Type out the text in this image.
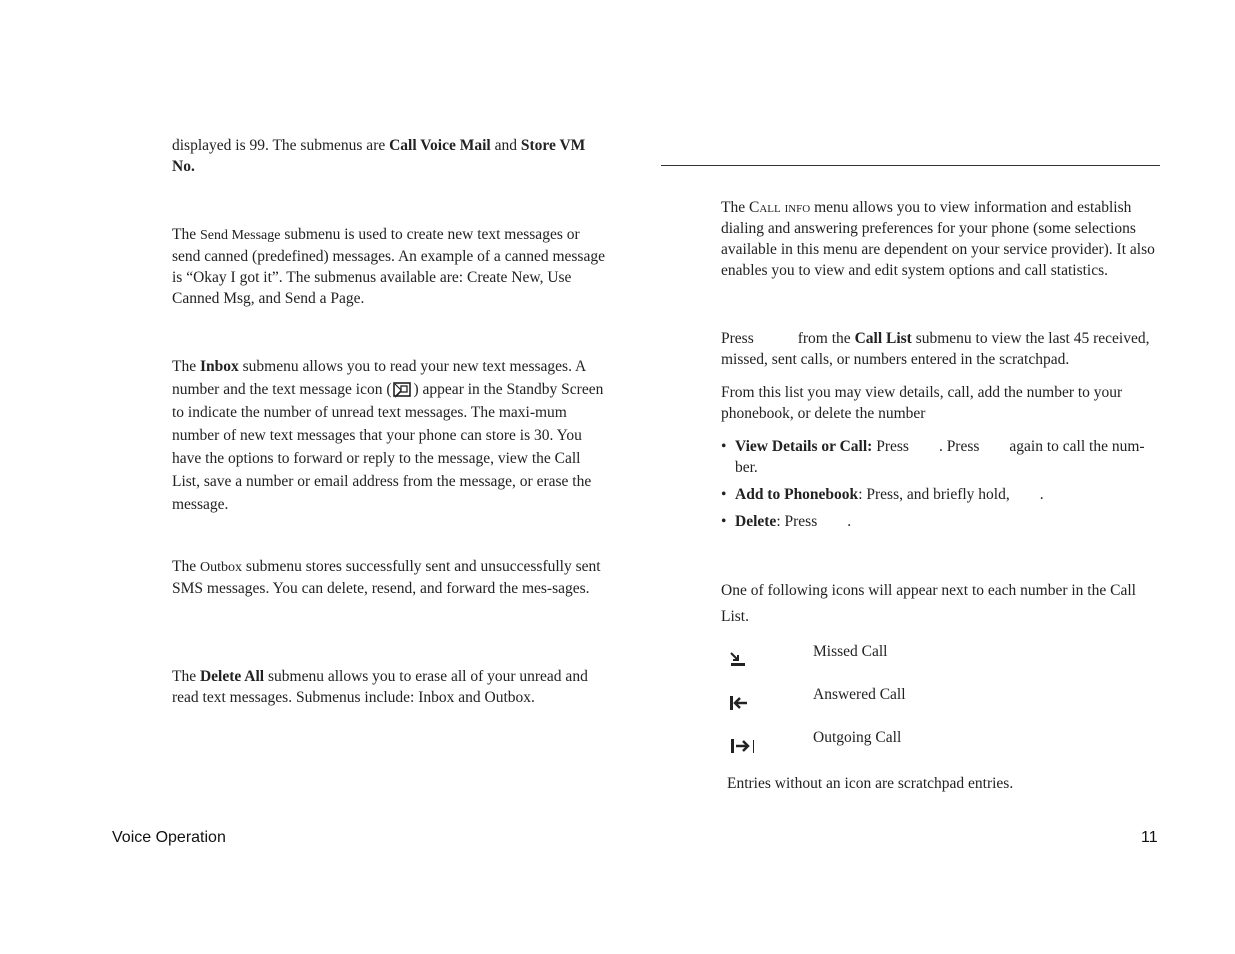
displayed is 99. The submenus are Call Voice Mail and Store VM No.
The Send Message submenu is used to create new text messages or send canned (predefined) messages. An example of a canned message is “Okay I got it”. The submenus available are: Create New, Use Canned Msg, and Send a Page.
The Inbox submenu allows you to read your new text messages. A number and the text message icon ( ) appear in the Standby Screen to indicate the number of unread text messages. The maxi-mum number of new text messages that your phone can store is 30. You have the options to forward or reply to the message, view the Call List, save a number or email address from the message, or erase the message.
The Outbox submenu stores successfully sent and unsuccessfully sent SMS messages. You can delete, resend, and forward the mes-sages.
The Delete All submenu allows you to erase all of your unread and read text messages. Submenus include: Inbox and Outbox.
The Call info menu allows you to view information and establish dialing and answering preferences for your phone (some selections available in this menu are dependent on your service provider). It also enables you to view and edit system options and call statistics.
Press	from the Call List submenu to view the last 45 received, missed, sent calls, or numbers entered in the scratchpad.
From this list you may view details, call, add the number to your phonebook, or delete the number
• View Details or Call: Press . Press again to call the num-ber.
• Add to Phonebook: Press, and briefly hold, .
• Delete: Press .
One of following icons will appear next to each number in the Call List.
Missed Call
Answered Call
Outgoing Call
Entries without an icon are scratchpad entries.
Voice Operation	11
